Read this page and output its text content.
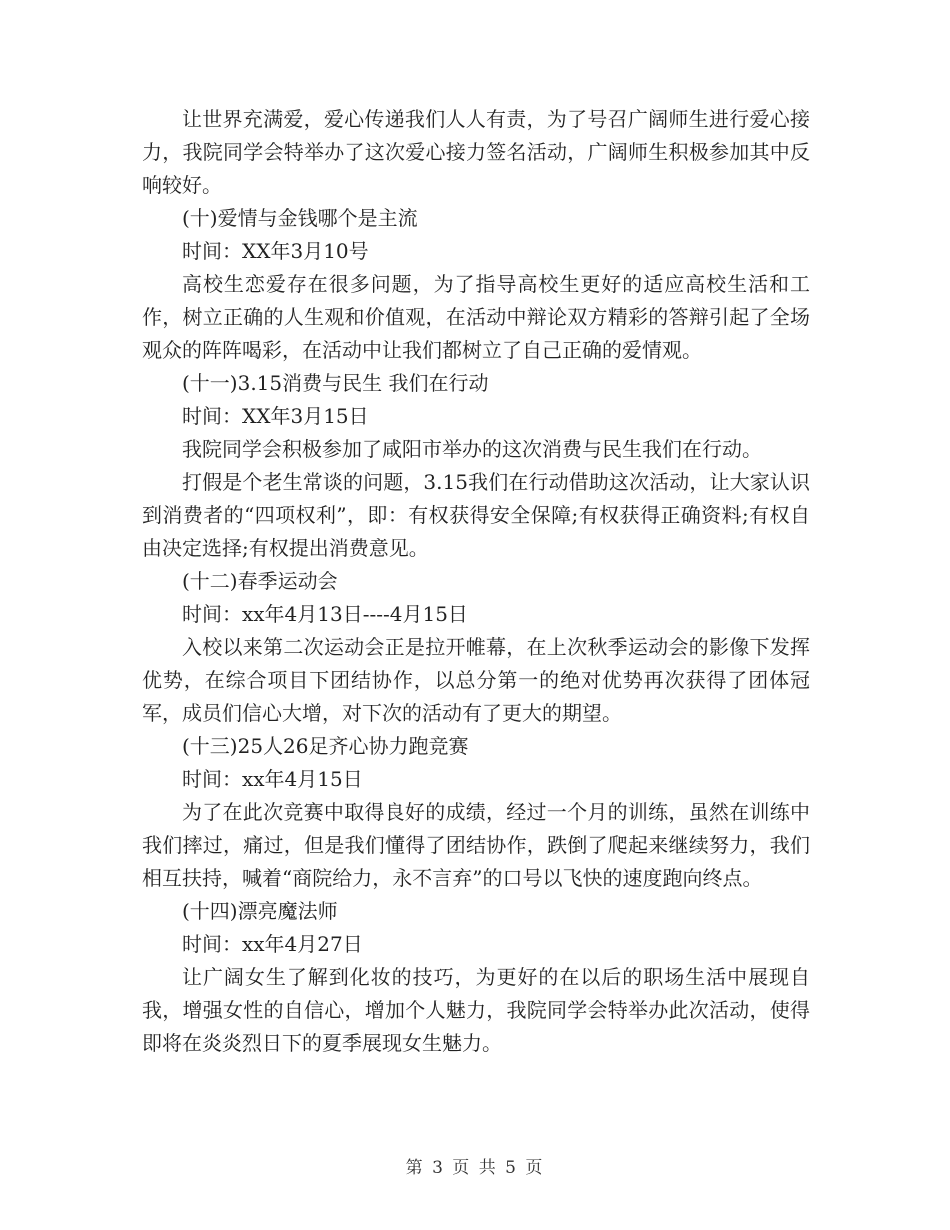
让世界充满爱，爱心传递我们人人有责，为了号召广阔师生进行爱心接力，我院同学会特举办了这次爱心接力签名活动，广阔师生积极参加其中反响较好。

(十)爱情与金钱哪个是主流

时间：XX年3月10号

高校生恋爱存在很多问题，为了指导高校生更好的适应高校生活和工作，树立正确的人生观和价值观，在活动中辩论双方精彩的答辩引起了全场观众的阵阵喝彩，在活动中让我们都树立了自己正确的爱情观。

(十一)3.15消费与民生 我们在行动

时间：XX年3月15日

我院同学会积极参加了咸阳市举办的这次消费与民生我们在行动。

打假是个老生常谈的问题，3.15我们在行动借助这次活动，让大家认识到消费者的“四项权利”，即：有权获得安全保障;有权获得正确资料;有权自由决定选择;有权提出消费意见。

(十二)春季运动会

时间：xx年4月13日----4月15日

入校以来第二次运动会正是拉开帷幕，在上次秋季运动会的影像下发挥优势，在综合项目下团结协作，以总分第一的绝对优势再次获得了团体冠军，成员们信心大增，对下次的活动有了更大的期望。

(十三)25人26足齐心协力跑竞赛

时间：xx年4月15日

为了在此次竞赛中取得良好的成绩，经过一个月的训练，虽然在训练中我们摔过，痛过，但是我们懂得了团结协作，跌倒了爬起来继续努力，我们相互扶持，喊着“商院给力，永不言弃”的口号以飞快的速度跑向终点。

(十四)漂亮魔法师

时间：xx年4月27日

让广阔女生了解到化妆的技巧，为更好的在以后的职场生活中展现自我，增强女性的自信心，增加个人魅力，我院同学会特举办此次活动，使得即将在炎炎烈日下的夏季展现女生魅力。

第 3 页 共 5 页
